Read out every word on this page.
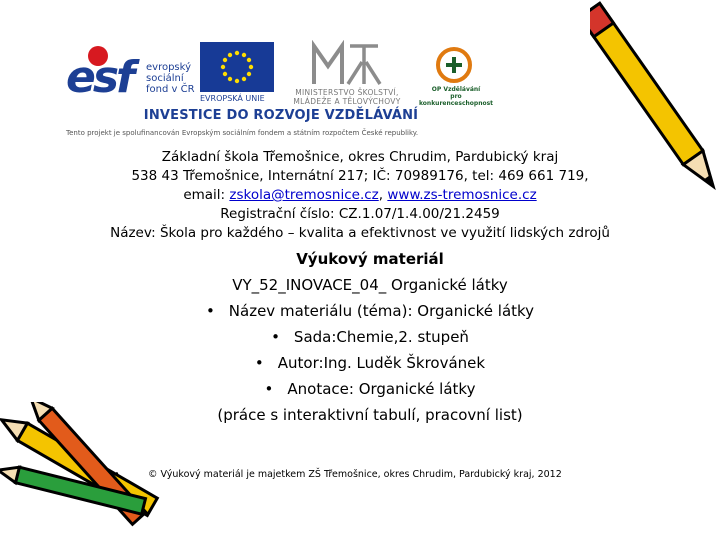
esf evropský
sociální
fond v ČR
EVROPSKÁ UNIE
MINISTERSTVO ŠKOLSTVÍ,
MLÁDEŽE A TĚLOVÝCHOVY
OP Vzdělávání
pro konkurenceschopnost
INVESTICE DO ROZVOJE VZDĚLÁVÁNÍ
Tento projekt je spolufinancován Evropským sociálním fondem a státním rozpočtem České republiky.
Základní škola Třemošnice, okres Chrudim, Pardubický kraj
538 43 Třemošnice, Internátní 217; IČ: 70989176, tel: 469 661 719,
email: zskola@tremosnice.cz, www.zs-tremosnice.cz
Registrační číslo: CZ.1.07/1.4.00/21.2459
Název: Škola pro každého – kvalita a efektivnost ve využití lidských zdrojů
Výukový materiál
VY_52_INOVACE_04_ Organické látky
• Název materiálu (téma): Organické látky
• Sada:Chemie,2. stupeň
• Autor:Ing. Luděk Škrovánek
• Anotace: Organické látky
(práce s interaktivní tabulí, pracovní list)
•	© Výukový materiál je majetkem ZŠ Třemošnice, okres Chrudim, Pardubický kraj, 2012
